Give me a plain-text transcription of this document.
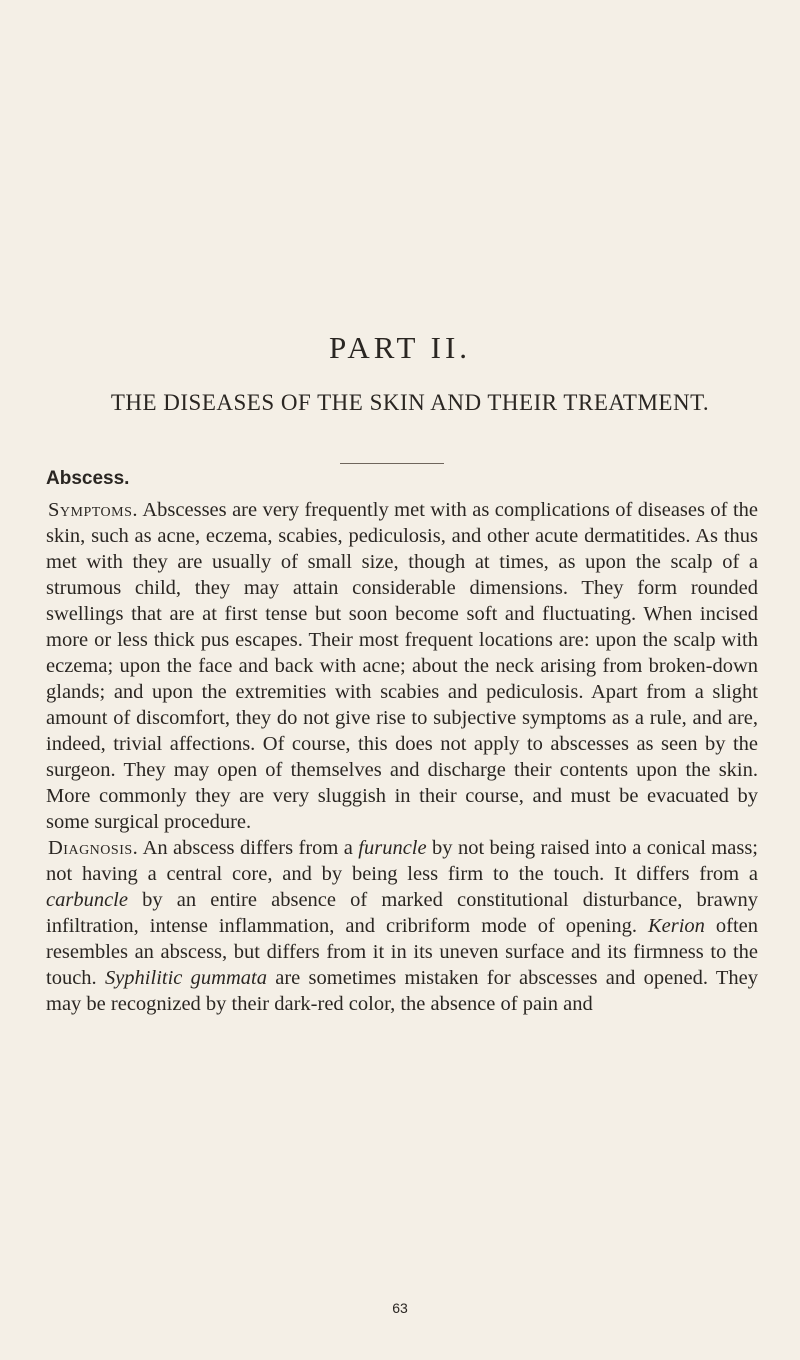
PART II.
THE DISEASES OF THE SKIN AND THEIR TREATMENT.
Abscess.

Symptoms. Abscesses are very frequently met with as complications of diseases of the skin, such as acne, eczema, scabies, pediculosis, and other acute dermatitides. As thus met with they are usually of small size, though at times, as upon the scalp of a strumous child, they may attain considerable dimensions. They form rounded swellings that are at first tense but soon become soft and fluctuating. When incised more or less thick pus escapes. Their most frequent locations are: upon the scalp with eczema; upon the face and back with acne; about the neck arising from broken-down glands; and upon the extremities with scabies and pediculosis. Apart from a slight amount of discomfort, they do not give rise to subjective symptoms as a rule, and are, indeed, trivial affections. Of course, this does not apply to abscesses as seen by the surgeon. They may open of themselves and discharge their contents upon the skin. More commonly they are very sluggish in their course, and must be evacuated by some surgical procedure.

Diagnosis. An abscess differs from a furuncle by not being raised into a conical mass; not having a central core, and by being less firm to the touch. It differs from a carbuncle by an entire absence of marked constitutional disturbance, brawny infiltration, intense inflammation, and cribriform mode of opening. Kerion often resembles an abscess, but differs from it in its uneven surface and its firmness to the touch. Syphilitic gummata are sometimes mistaken for abscesses and opened. They may be recognized by their dark-red color, the absence of pain and

63
